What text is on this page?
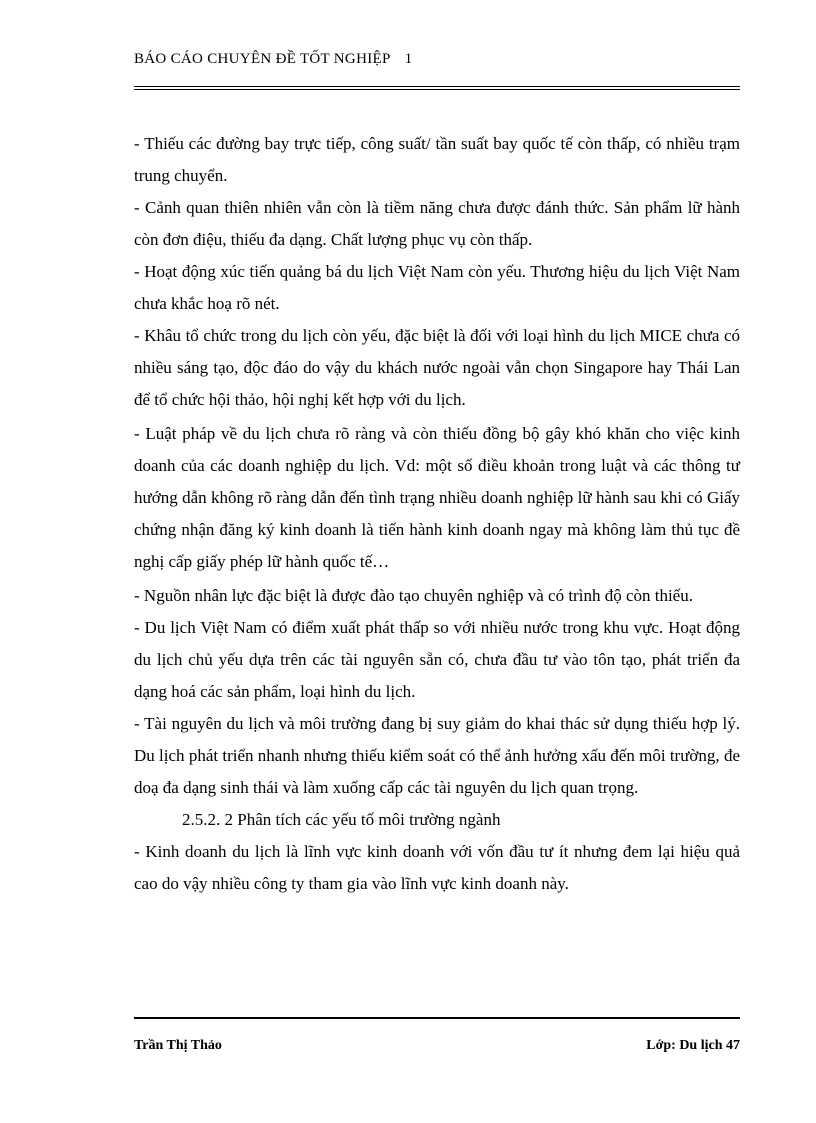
BÁO CÁO CHUYÊN ĐỀ TỐT NGHIỆP 1

- Thiếu các đường bay trực tiếp, công suất/ tần suất bay quốc tế còn thấp, có nhiều trạm trung chuyển.

- Cảnh quan thiên nhiên vẫn còn là tiềm năng chưa được đánh thức. Sản phẩm lữ hành còn đơn điệu, thiếu đa dạng. Chất lượng phục vụ còn thấp.

- Hoạt động xúc tiến quảng bá du lịch Việt Nam còn yếu. Thương hiệu du lịch Việt Nam chưa khắc hoạ rõ nét.

- Khâu tổ chức trong du lịch còn yếu, đặc biệt là đối với loại hình du lịch MICE chưa có nhiều sáng tạo, độc đáo do vậy du khách nước ngoài vẫn chọn Singapore hay Thái Lan để tổ chức hội thảo, hội nghị kết hợp với du lịch.

- Luật pháp về du lịch chưa rõ ràng và còn thiếu đồng bộ gây khó khăn cho việc kinh doanh của các doanh nghiệp du lịch. Vd: một số điều khoản trong luật và các thông tư hướng dẫn không rõ ràng dẫn đến tình trạng nhiều doanh nghiệp lữ hành sau khi có Giấy chứng nhận đăng ký kinh doanh là tiến hành kinh doanh ngay mà không làm thủ tục đề nghị cấp giấy phép lữ hành quốc tế…

- Nguồn nhân lực đặc biệt là được đào tạo chuyên nghiệp và có trình độ còn thiếu.

- Du lịch Việt Nam có điểm xuất phát thấp so với nhiều nước trong khu vực. Hoạt động du lịch chủ yếu dựa trên các tài nguyên sẵn có, chưa đầu tư vào tôn tạo, phát triển đa dạng hoá các sản phẩm, loại hình du lịch.

- Tài nguyên du lịch và môi trường đang bị suy giảm do khai thác sử dụng thiếu hợp lý. Du lịch phát triển nhanh nhưng thiếu kiểm soát có thể ảnh hưởng xấu đến môi trường, đe doạ đa dạng sinh thái và làm xuống cấp các tài nguyên du lịch quan trọng.

2.5.2. 2 Phân tích các yếu tố môi trường ngành

- Kinh doanh du lịch là lĩnh vực kinh doanh với vốn đầu tư ít nhưng đem lại hiệu quả cao do vậy nhiều công ty tham gia vào lĩnh vực kinh doanh này.

Trần Thị Thảo	Lớp: Du lịch 47
